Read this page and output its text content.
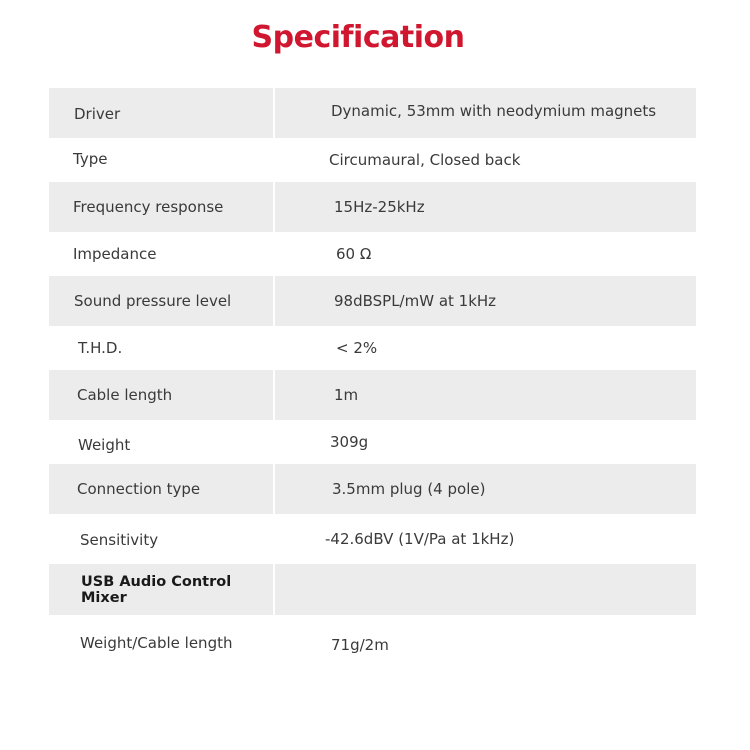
Specification
Driver	Dynamic, 53mm with neodymium magnets
Type	Circumaural, Closed back
Frequency response	15Hz-25kHz
Impedance	60 Ω
Sound pressure level	98dBSPL/mW at 1kHz
T.H.D.	< 2%
Cable length	1m
Weight	309g
Connection type	3.5mm plug (4 pole)
Sensitivity	-42.6dBV (1V/Pa at 1kHz)
USB Audio Control Mixer
Weight/Cable length	71g/2m
